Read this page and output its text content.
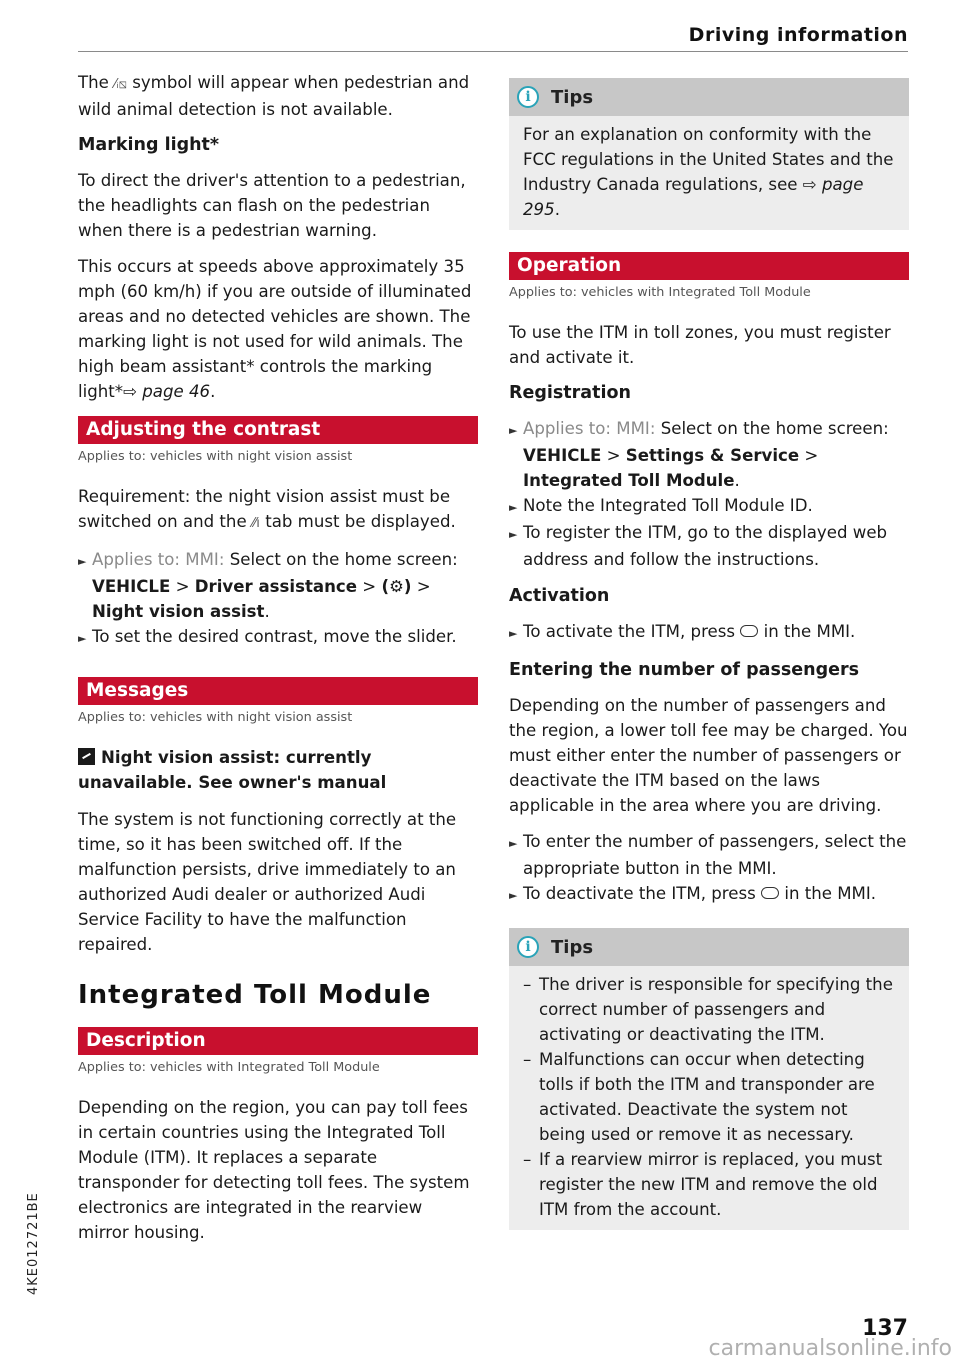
Driving information

The ⁄ᵢ⧅ symbol will appear when pedestrian and wild animal detection is not available.

Marking light*

To direct the driver's attention to a pedestrian, the headlights can flash on the pedestrian when there is a pedestrian warning.

This occurs at speeds above approximately 35 mph (60 km/h) if you are outside of illuminated areas and no detected vehicles are shown. The marking light is not used for wild animals. The high beam assistant* controls the marking light*⇨ page 46.

Adjusting the contrast
Applies to: vehicles with night vision assist

Requirement: the night vision assist must be switched on and the ⁄⁄ı tab must be displayed.

► Applies to: MMI: Select on the home screen: VEHICLE > Driver assistance > (⚙) > Night vision assist.

► To set the desired contrast, move the slider.

Messages
Applies to: vehicles with night vision assist
Night vision assist: currently unavailable. See owner's manual

The system is not functioning correctly at the time, so it has been switched off. If the malfunction persists, drive immediately to an authorized Audi dealer or authorized Audi Service Facility to have the malfunction repaired.

Integrated Toll Module
Description
Applies to: vehicles with Integrated Toll Module

Depending on the region, you can pay toll fees in certain countries using the Integrated Toll Module (ITM). It replaces a separate transponder for detecting toll fees. The system electronics are integrated in the rearview mirror housing.

i	Tips
For an explanation on conformity with the FCC regulations in the United States and the Industry Canada regulations, see ⇨ page 295.
Operation
Applies to: vehicles with Integrated Toll Module

To use the ITM in toll zones, you must register and activate it.

Registration

► Applies to: MMI: Select on the home screen: VEHICLE > Settings & Service > Integrated Toll Module.

► Note the Integrated Toll Module ID.

► To register the ITM, go to the displayed web address and follow the instructions.

Activation

► To activate the ITM, press in the MMI.

Entering the number of passengers

Depending on the number of passengers and the region, a lower toll fee may be charged. You must either enter the number of passengers or deactivate the ITM based on the laws applicable in the area where you are driving.

► To enter the number of passengers, select the appropriate button in the MMI.

► To deactivate the ITM, press in the MMI.

i	Tips

– The driver is responsible for specifying the correct number of passengers and activating or deactivating the ITM.

– Malfunctions can occur when detecting tolls if both the ITM and transponder are activated. Deactivate the system not being used or remove it as necessary.

– If a rearview mirror is replaced, you must register the new ITM and remove the old ITM from the account.

4KE012721BE
137
carmanualsonline.info
